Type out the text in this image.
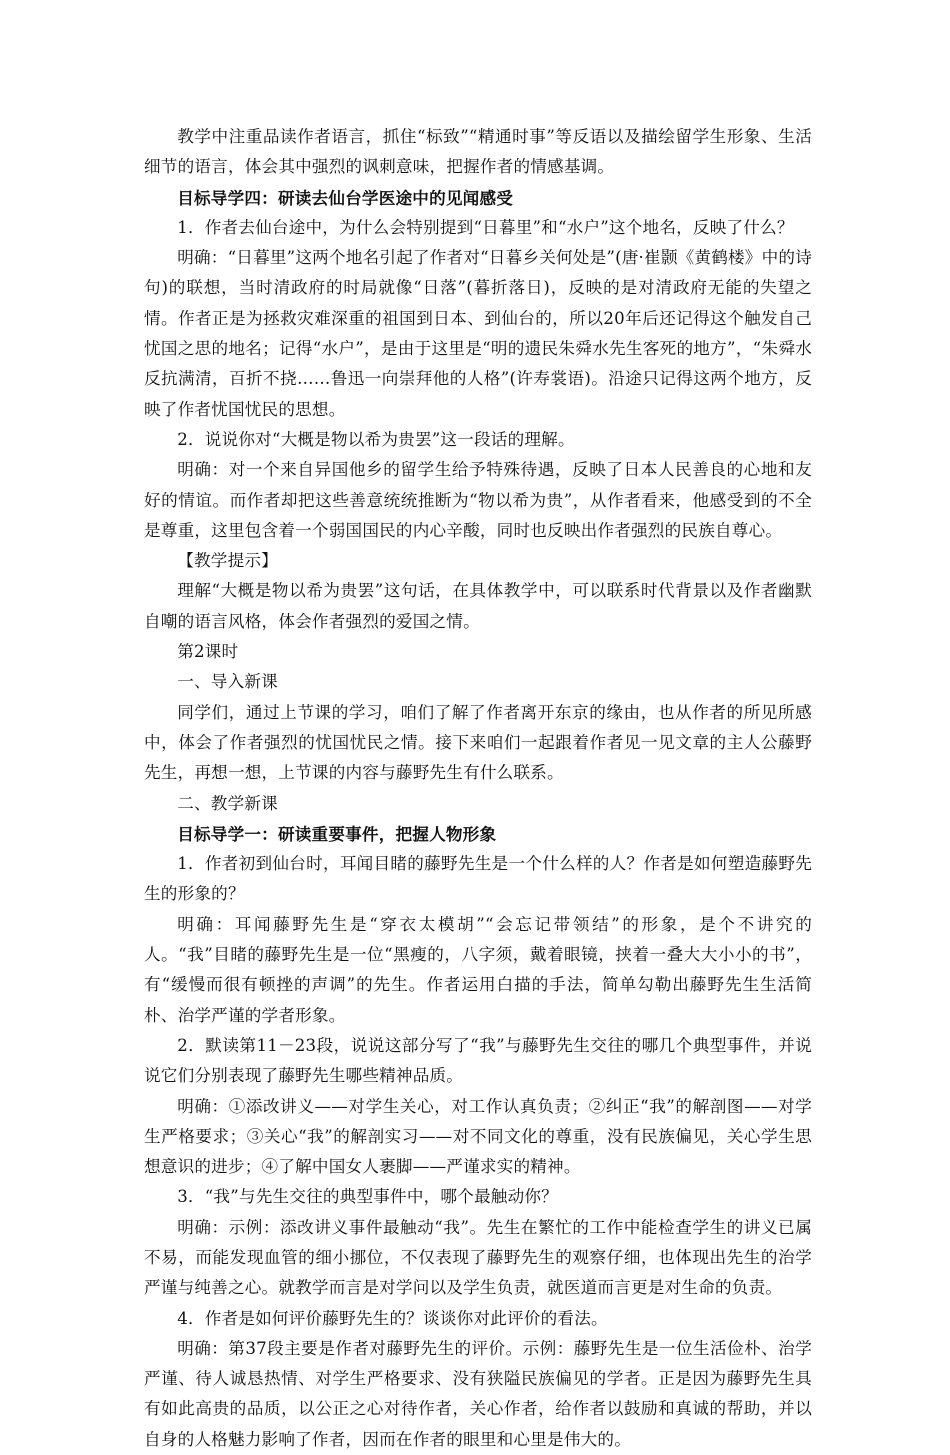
教学中注重品读作者语言，抓住“标致”“精通时事”等反语以及描绘留学生形象、生活细节的语言，体会其中强烈的讽刺意味，把握作者的情感基调。

目标导学四：研读去仙台学医途中的见闻感受

1．作者去仙台途中，为什么会特别提到“日暮里”和“水户”这个地名，反映了什么？

明确：“日暮里”这两个地名引起了作者对“日暮乡关何处是”(唐·崔颢《黄鹤楼》中的诗句)的联想，当时清政府的时局就像“日落”(暮折落日)，反映的是对清政府无能的失望之情。作者正是为拯救灾难深重的祖国到日本、到仙台的，所以20年后还记得这个触发自己忧国之思的地名；记得“水户”，是由于这里是“明的遗民朱舜水先生客死的地方”，“朱舜水反抗满清，百折不挠……鲁迅一向崇拜他的人格”(许寿裳语)。沿途只记得这两个地方，反映了作者忧国忧民的思想。

2．说说你对“大概是物以希为贵罢”这一段话的理解。

明确：对一个来自异国他乡的留学生给予特殊待遇，反映了日本人民善良的心地和友好的情谊。而作者却把这些善意统统推断为“物以希为贵”，从作者看来，他感受到的不全是尊重，这里包含着一个弱国国民的内心辛酸，同时也反映出作者强烈的民族自尊心。

【教学提示】

理解“大概是物以希为贵罢”这句话，在具体教学中，可以联系时代背景以及作者幽默自嘲的语言风格，体会作者强烈的爱国之情。

第2课时

一、导入新课

同学们，通过上节课的学习，咱们了解了作者离开东京的缘由，也从作者的所见所感中，体会了作者强烈的忧国忧民之情。接下来咱们一起跟着作者见一见文章的主人公藤野先生，再想一想，上节课的内容与藤野先生有什么联系。

二、教学新课

目标导学一：研读重要事件，把握人物形象

1．作者初到仙台时，耳闻目睹的藤野先生是一个什么样的人？作者是如何塑造藤野先生的形象的？

明确：耳闻藤野先生是“穿衣太模胡”“会忘记带领结”的形象，是个不讲究的人。“我”目睹的藤野先生是一位“黑瘦的，八字须，戴着眼镜，挟着一叠大大小小的书”，有“缓慢而很有顿挫的声调”的先生。作者运用白描的手法，简单勾勒出藤野先生生活简朴、治学严谨的学者形象。

2．默读第11－23段，说说这部分写了“我”与藤野先生交往的哪几个典型事件，并说说它们分别表现了藤野先生哪些精神品质。

明确：①添改讲义——对学生关心，对工作认真负责；②纠正“我”的解剖图——对学生严格要求；③关心“我”的解剖实习——对不同文化的尊重，没有民族偏见，关心学生思想意识的进步；④了解中国女人裹脚——严谨求实的精神。

3．“我”与先生交往的典型事件中，哪个最触动你？

明确：示例：添改讲义事件最触动“我”。先生在繁忙的工作中能检查学生的讲义已属不易，而能发现血管的细小挪位，不仅表现了藤野先生的观察仔细，也体现出先生的治学严谨与纯善之心。就教学而言是对学问以及学生负责，就医道而言更是对生命的负责。

4．作者是如何评价藤野先生的？谈谈你对此评价的看法。

明确：第37段主要是作者对藤野先生的评价。示例：藤野先生是一位生活俭朴、治学严谨、待人诚恳热情、对学生严格要求、没有狭隘民族偏见的学者。正是因为藤野先生具有如此高贵的品质，以公正之心对待作者，关心作者，给作者以鼓励和真诚的帮助，并以自身的人格魅力影响了作者，因而在作者的眼里和心里是伟大的。
